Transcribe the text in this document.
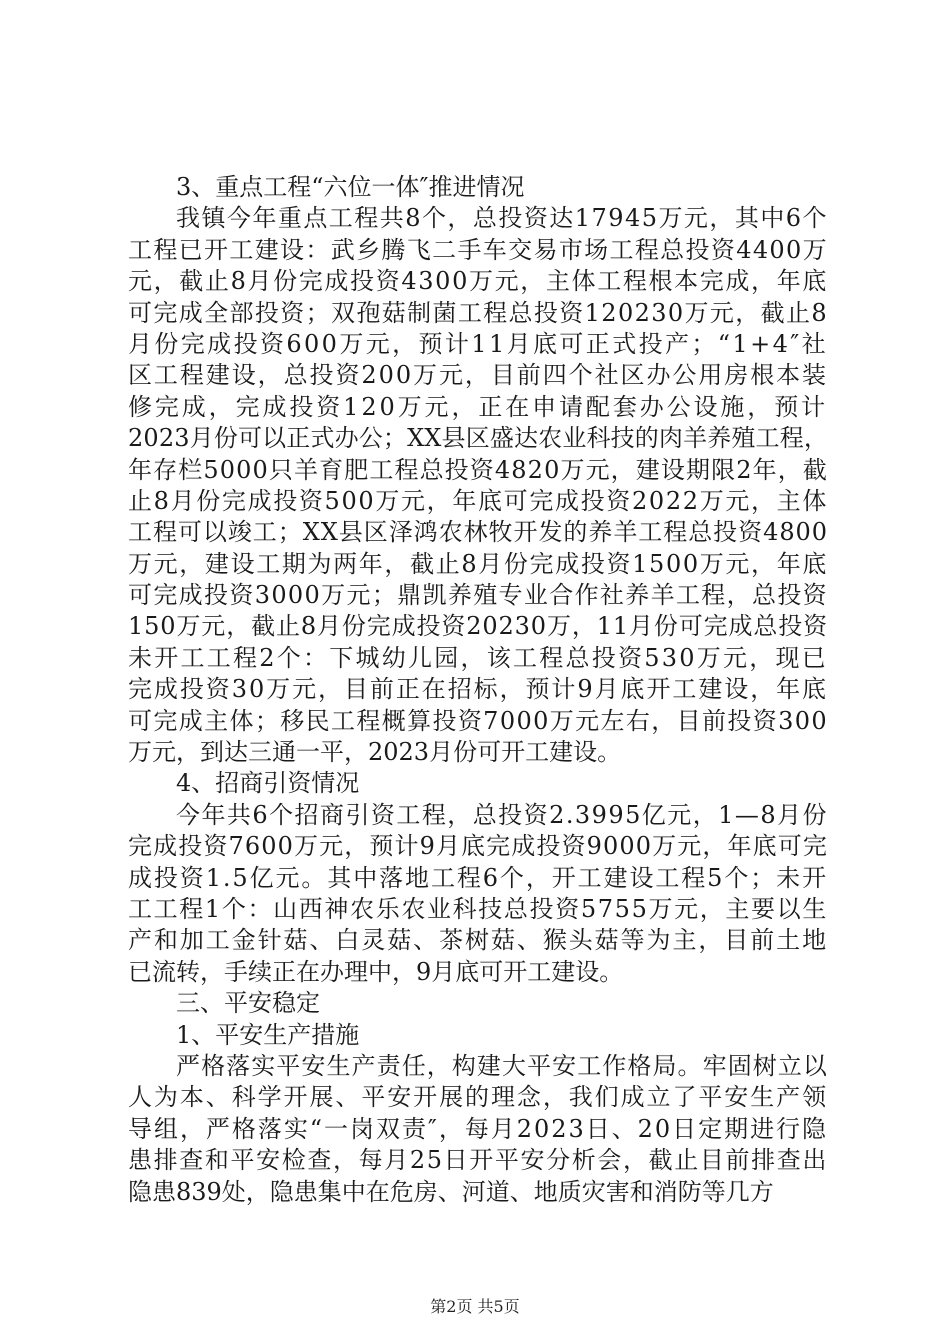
3、重点工程“六位一体″推进情况
我镇今年重点工程共8个，总投资达17945万元，其中6个
工程已开工建设：武乡腾飞二手车交易市场工程总投资4400万
元，截止8月份完成投资4300万元，主体工程根本完成，年底
可完成全部投资；双孢菇制菌工程总投资120230万元，截止8
月份完成投资600万元，预计11月底可正式投产；“1+4″社
区工程建设，总投资200万元，目前四个社区办公用房根本装
修完成，完成投资120万元，正在申请配套办公设施，预计
2023月份可以正式办公；XX县区盛达农业科技的肉羊养殖工程，
年存栏5000只羊育肥工程总投资4820万元，建设期限2年，截
止8月份完成投资500万元，年底可完成投资2022万元，主体
工程可以竣工；XX县区泽鸿农林牧开发的养羊工程总投资4800
万元，建设工期为两年，截止8月份完成投资1500万元，年底
可完成投资3000万元；鼎凯养殖专业合作社养羊工程，总投资
150万元，截止8月份完成投资20230万，11月份可完成总投资
未开工工程2个：下城幼儿园，该工程总投资530万元，现已
完成投资30万元，目前正在招标，预计9月底开工建设，年底
可完成主体；移民工程概算投资7000万元左右，目前投资300
万元，到达三通一平，2023月份可开工建设。
4、招商引资情况
今年共6个招商引资工程，总投资2.3995亿元，1—8月份
完成投资7600万元，预计9月底完成投资9000万元，年底可完
成投资1.5亿元。其中落地工程6个，开工建设工程5个；未开
工工程1个：山西神农乐农业科技总投资5755万元，主要以生
产和加工金针菇、白灵菇、茶树菇、猴头菇等为主，目前土地
已流转，手续正在办理中，9月底可开工建设。
三、平安稳定
1、平安生产措施
严格落实平安生产责任，构建大平安工作格局。牢固树立以
人为本、科学开展、平安开展的理念，我们成立了平安生产领
导组，严格落实“一岗双责″，每月2023日、20日定期进行隐
患排查和平安检查，每月25日开平安分析会，截止目前排查出
隐患839处，隐患集中在危房、河道、地质灾害和消防等几方
第2页 共5页
